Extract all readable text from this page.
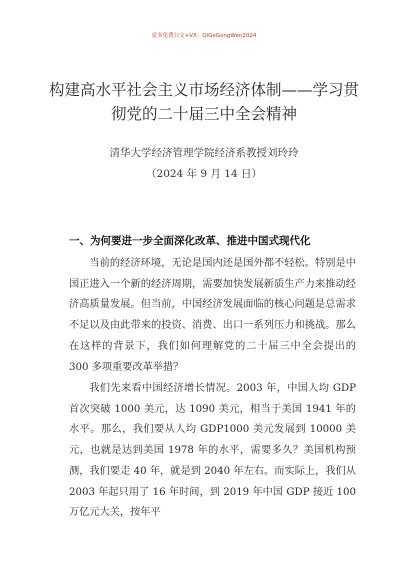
更多免费公文+VX：QiGeGongWen2024
构建高水平社会主义市场经济体制——学习贯彻党的二十届三中全会精神
清华大学经济管理学院经济系教授刘玲玲
（2024 年 9 月 14 日）
一、为何要进一步全面深化改革、推进中国式现代化

当前的经济环境，无论是国内还是国外都不轻松。特别是中国正进入一个新的经济周期，需要加快发展新质生产力来推动经济高质量发展。但当前，中国经济发展面临的核心问题是总需求不足以及由此带来的投资、消费、出口一系列压力和挑战。那么在这样的背景下，我们如何理解党的二十届三中全会提出的 300 多项重要改革举措？

我们先来看中国经济增长情况。2003 年，中国人均 GDP 首次突破 1000 美元，达 1090 美元，相当于美国 1941 年的水平。那么，我们要从人均 GDP1000 美元发展到 10000 美元，也就是达到美国 1978 年的水平，需要多久？美国机构预测，我们要走 40 年，就是到 2040 年左右。而实际上，我们从 2003 年起只用了 16 年时间，到 2019 年中国 GDP 接近 100 万亿元大关，按年平
